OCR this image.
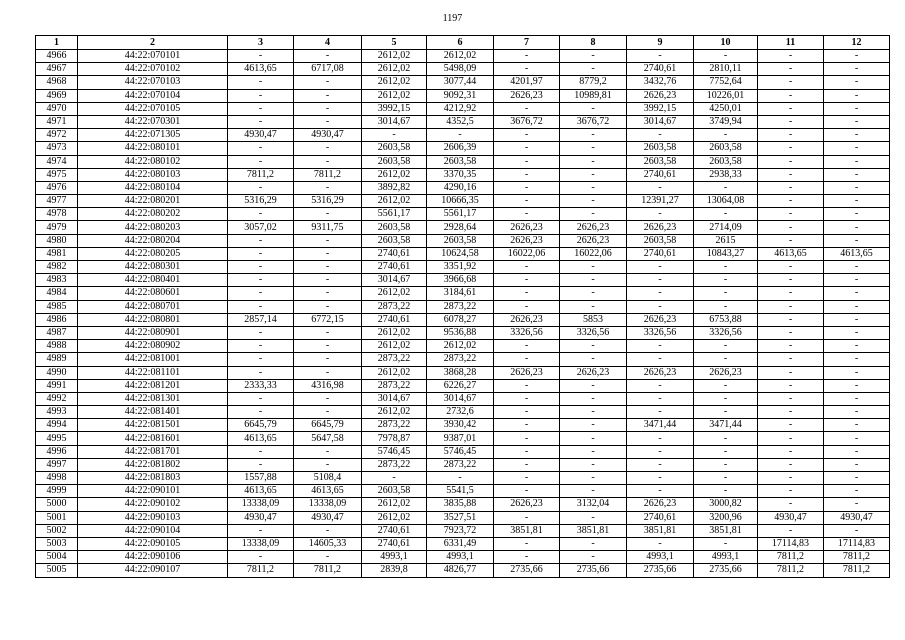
1197
1	2	3	4	5	6	7	8	9	10	11	12
4966	44:22:070101	-	-	2612,02	2612,02	-	-	-	-	-	-
4967	44:22:070102	4613,65	6717,08	2612,02	5498,09	-	-	2740,61	2810,11	-	-
4968	44:22:070103	-	-	2612,02	3077,44	4201,97	8779,2	3432,76	7752,64	-	-
4969	44:22:070104	-	-	2612,02	9092,31	2626,23	10989,81	2626,23	10226,01	-	-
4970	44:22:070105	-	-	3992,15	4212,92	-	-	3992,15	4250,01	-	-
4971	44:22:070301	-	-	3014,67	4352,5	3676,72	3676,72	3014,67	3749,94	-	-
4972	44:22:071305	4930,47	4930,47	-	-	-	-	-	-	-	-
4973	44:22:080101	-	-	2603,58	2606,39	-	-	2603,58	2603,58	-	-
4974	44:22:080102	-	-	2603,58	2603,58	-	-	2603,58	2603,58	-	-
4975	44:22:080103	7811,2	7811,2	2612,02	3370,35	-	-	2740,61	2938,33	-	-
4976	44:22:080104	-	-	3892,82	4290,16	-	-	-	-	-	-
4977	44:22:080201	5316,29	5316,29	2612,02	10666,35	-	-	12391,27	13064,08	-	-
4978	44:22:080202	-	-	5561,17	5561,17	-	-	-	-	-	-
4979	44:22:080203	3057,02	9311,75	2603,58	2928,64	2626,23	2626,23	2626,23	2714,09	-	-
4980	44:22:080204	-	-	2603,58	2603,58	2626,23	2626,23	2603,58	2615	-	-
4981	44:22:080205	-	-	2740,61	10624,58	16022,06	16022,06	2740,61	10843,27	4613,65	4613,65
4982	44:22:080301	-	-	2740,61	3351,92	-	-	-	-	-	-
4983	44:22:080401	-	-	3014,67	3966,68	-	-	-	-	-	-
4984	44:22:080601	-	-	2612,02	3184,61	-	-	-	-	-	-
4985	44:22:080701	-	-	2873,22	2873,22	-	-	-	-	-	-
4986	44:22:080801	2857,14	6772,15	2740,61	6078,27	2626,23	5853	2626,23	6753,88	-	-
4987	44:22:080901	-	-	2612,02	9536,88	3326,56	3326,56	3326,56	3326,56	-	-
4988	44:22:080902	-	-	2612,02	2612,02	-	-	-	-	-	-
4989	44:22:081001	-	-	2873,22	2873,22	-	-	-	-	-	-
4990	44:22:081101	-	-	2612,02	3868,28	2626,23	2626,23	2626,23	2626,23	-	-
4991	44:22:081201	2333,33	4316,98	2873,22	6226,27	-	-	-	-	-	-
4992	44:22:081301	-	-	3014,67	3014,67	-	-	-	-	-	-
4993	44:22:081401	-	-	2612,02	2732,6	-	-	-	-	-	-
4994	44:22:081501	6645,79	6645,79	2873,22	3930,42	-	-	3471,44	3471,44	-	-
4995	44:22:081601	4613,65	5647,58	7978,87	9387,01	-	-	-	-	-	-
4996	44:22:081701	-	-	5746,45	5746,45	-	-	-	-	-	-
4997	44:22:081802	-	-	2873,22	2873,22	-	-	-	-	-	-
4998	44:22:081803	1557,88	5108,4	-	-	-	-	-	-	-	-
4999	44:22:090101	4613,65	4613,65	2603,58	5541,5	-	-	-	-	-	-
5000	44:22:090102	13338,09	13338,09	2612,02	3835,88	2626,23	3132,04	2626,23	3000,82	-	-
5001	44:22:090103	4930,47	4930,47	2612,02	3527,51	-	-	2740,61	3200,96	4930,47	4930,47
5002	44:22:090104	-	-	2740,61	7923,72	3851,81	3851,81	3851,81	3851,81	-	-
5003	44:22:090105	13338,09	14605,33	2740,61	6331,49	-	-	-	-	17114,83	17114,83
5004	44:22:090106	-	-	4993,1	4993,1	-	-	4993,1	4993,1	7811,2	7811,2
5005	44:22:090107	7811,2	7811,2	2839,8	4826,77	2735,66	2735,66	2735,66	2735,66	7811,2	7811,2
